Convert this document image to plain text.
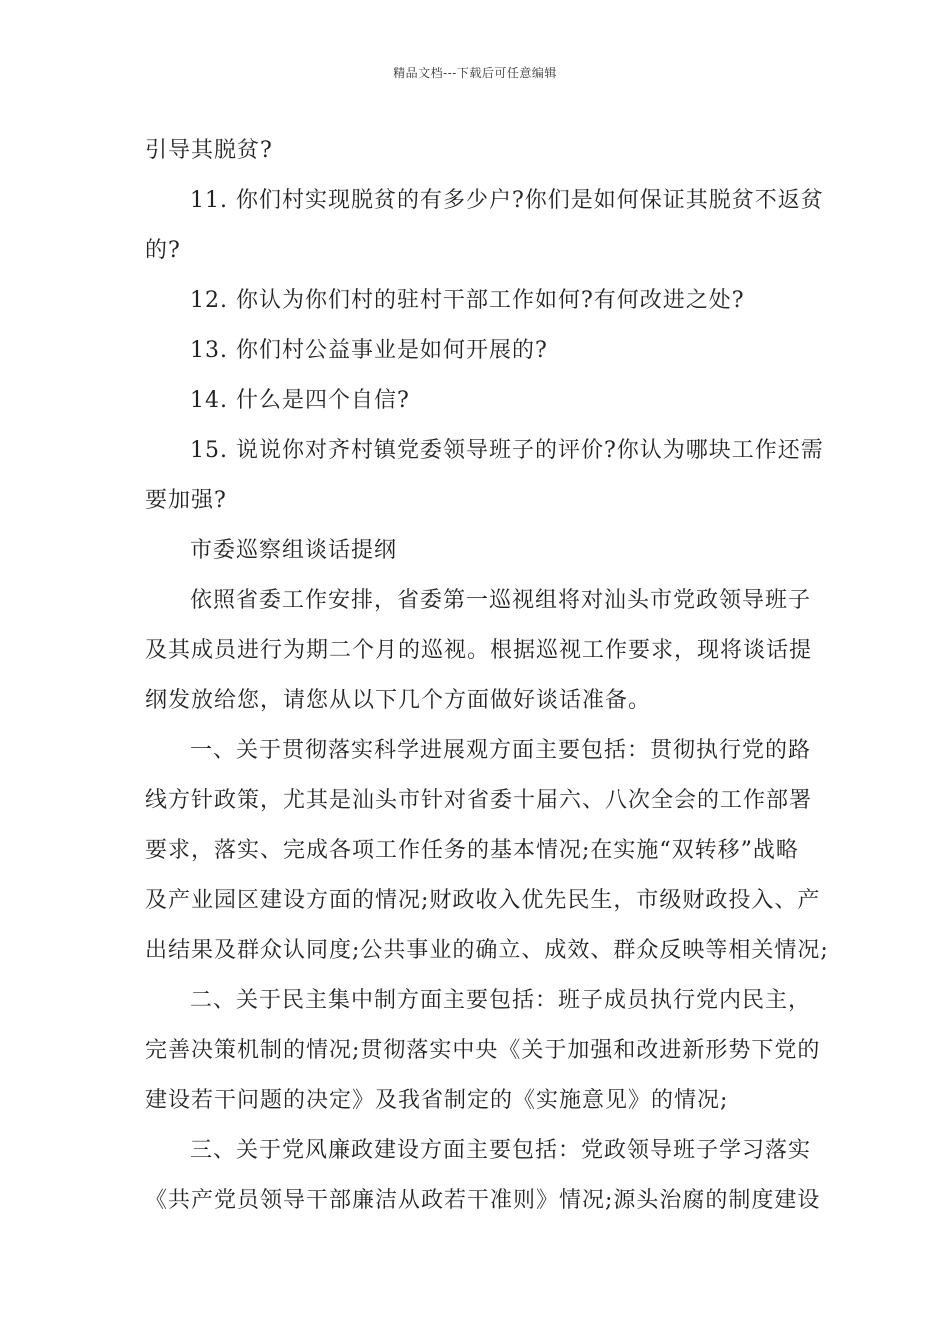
精品文档---下载后可任意编辑
引导其脱贫?
11. 你们村实现脱贫的有多少户?你们是如何保证其脱贫不返贫
的?
12. 你认为你们村的驻村干部工作如何?有何改进之处?
13. 你们村公益事业是如何开展的?
14. 什么是四个自信?
15. 说说你对齐村镇党委领导班子的评价?你认为哪块工作还需
要加强?
市委巡察组谈话提纲
依照省委工作安排，省委第一巡视组将对汕头市党政领导班子
及其成员进行为期二个月的巡视。根据巡视工作要求，现将谈话提
纲发放给您，请您从以下几个方面做好谈话准备。
一、关于贯彻落实科学进展观方面主要包括：贯彻执行党的路
线方针政策，尤其是汕头市针对省委十届六、八次全会的工作部署
要求，落实、完成各项工作任务的基本情况;在实施“双转移”战略
及产业园区建设方面的情况;财政收入优先民生，市级财政投入、产
出结果及群众认同度;公共事业的确立、成效、群众反映等相关情况;
二、关于民主集中制方面主要包括：班子成员执行党内民主，
完善决策机制的情况;贯彻落实中央《关于加强和改进新形势下党的
建设若干问题的决定》及我省制定的《实施意见》的情况;
三、关于党风廉政建设方面主要包括：党政领导班子学习落实
《共产党员领导干部廉洁从政若干准则》情况;源头治腐的制度建设
